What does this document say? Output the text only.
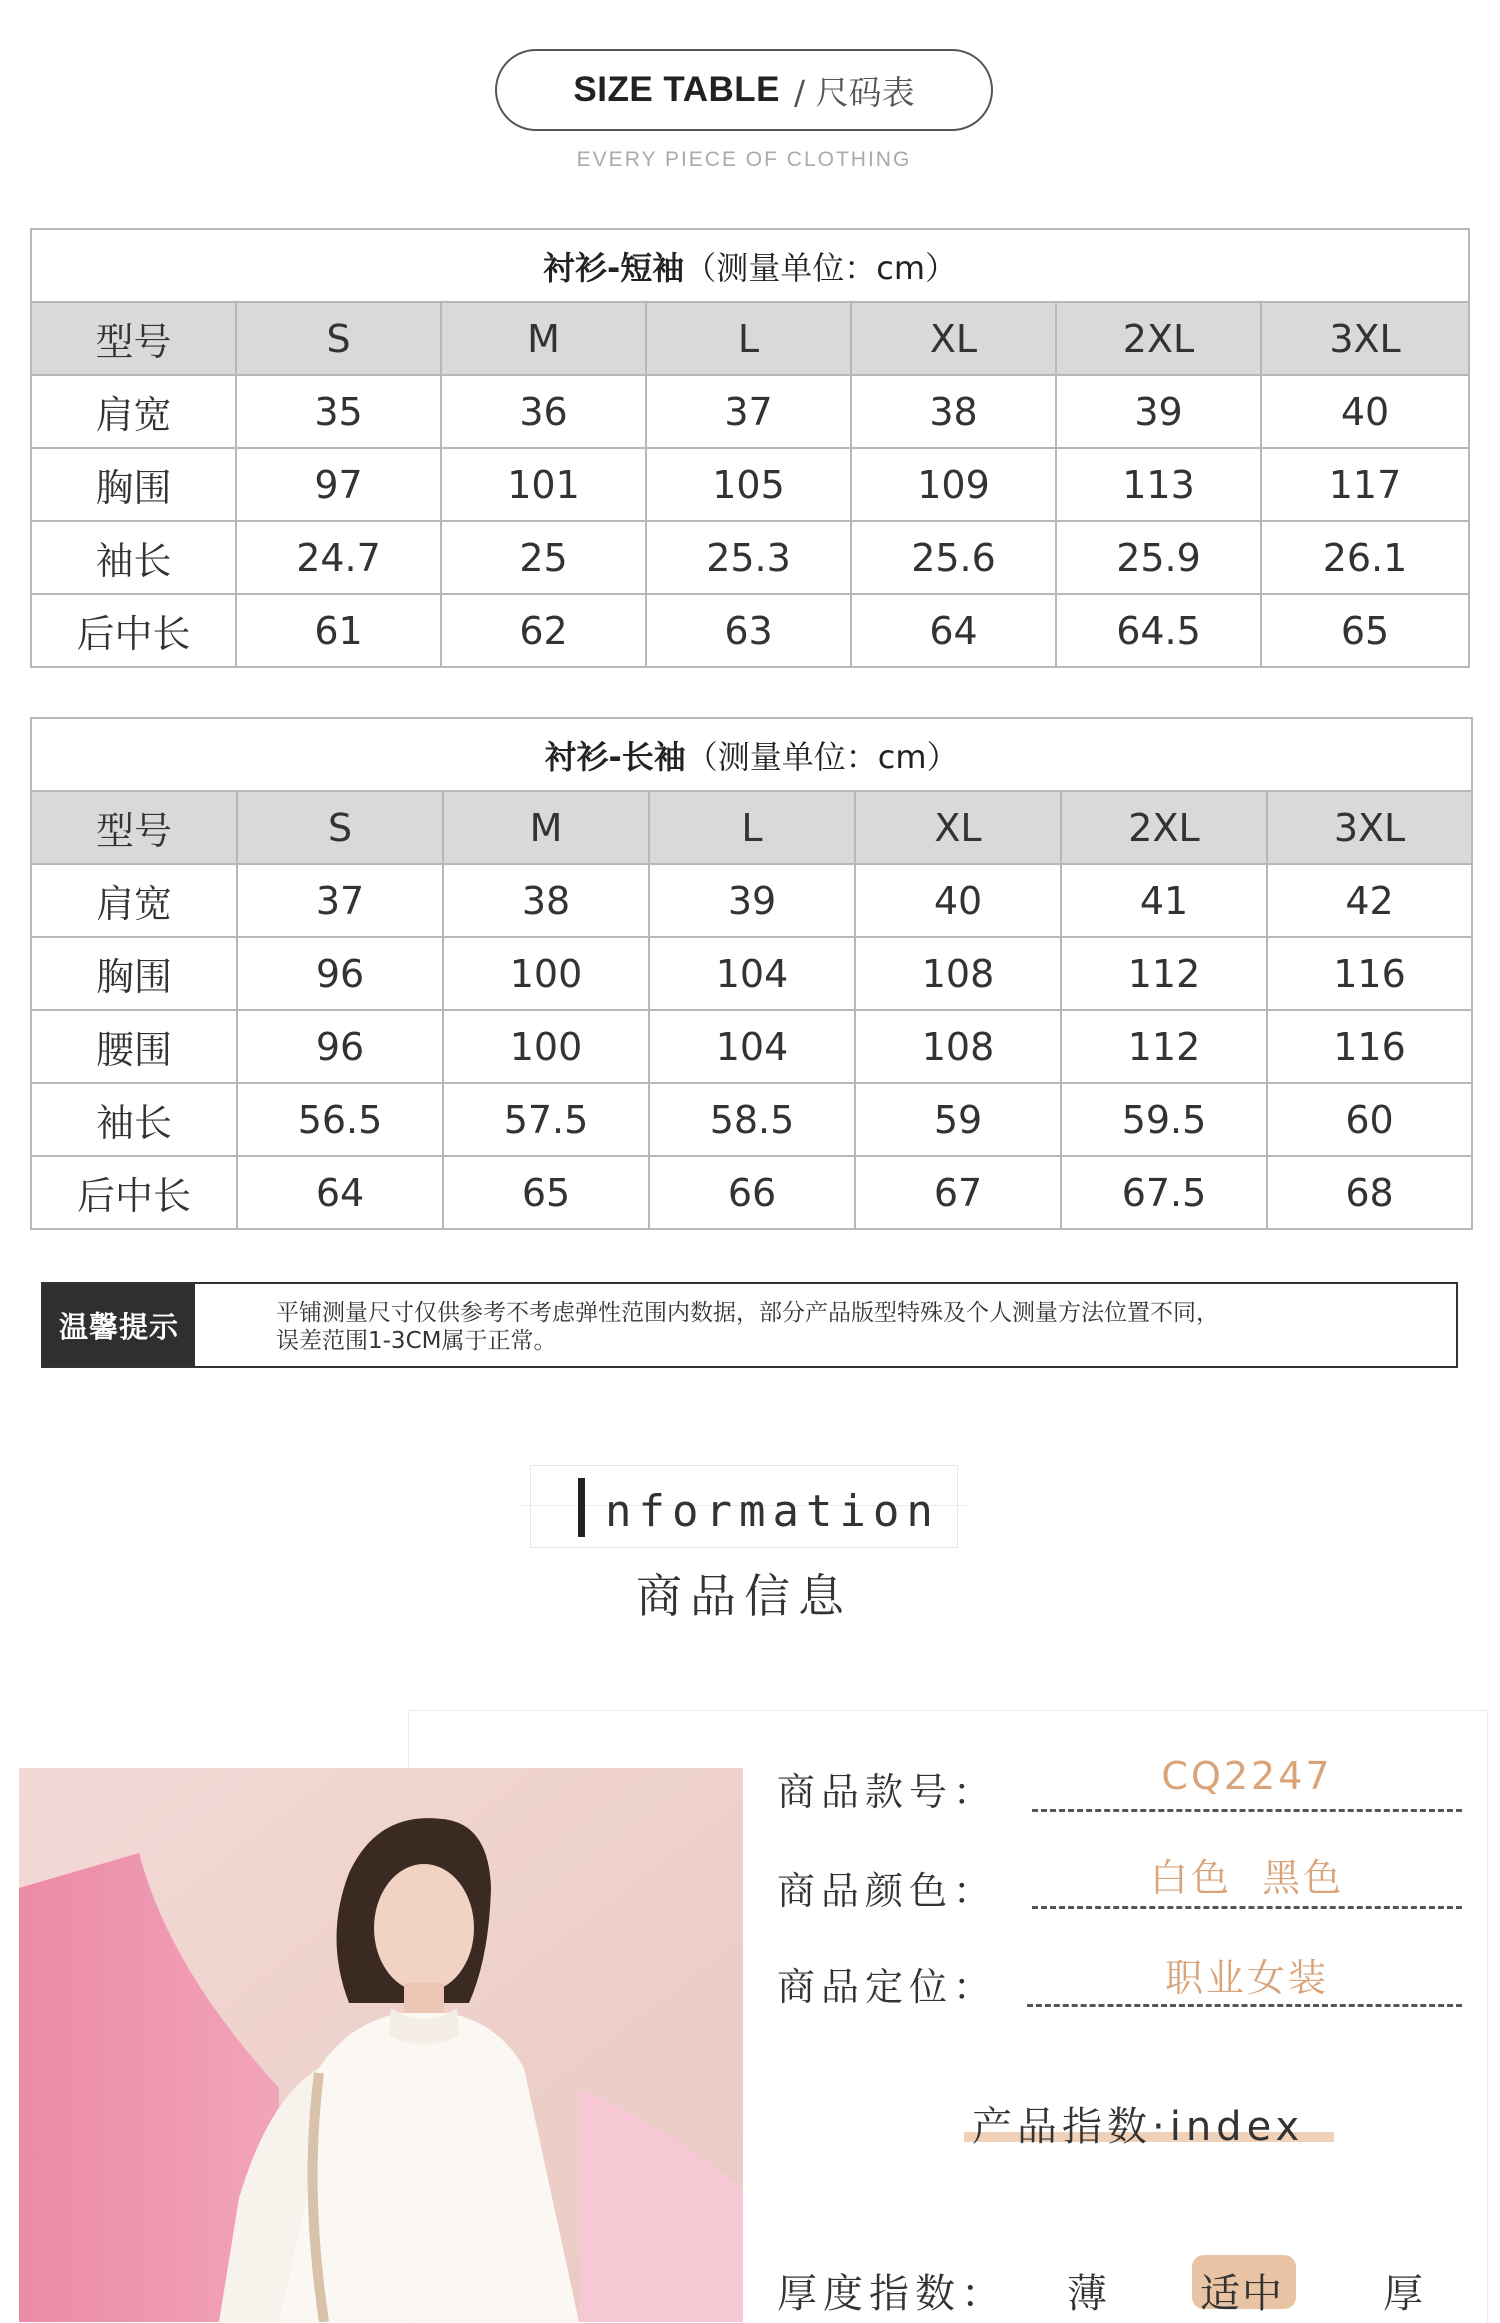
SIZE TABLE / 尺码表
EVERY PIECE OF CLOTHING
衬衫-短袖（测量单位：cm）						
型号	S	M	L	XL	2XL	3XL
肩宽	35	36	37	38	39	40
胸围	97	101	105	109	113	117
袖长	24.7	25	25.3	25.6	25.9	26.1
后中长	61	62	63	64	64.5	65
衬衫-长袖（测量单位：cm）						
型号	S	M	L	XL	2XL	3XL
肩宽	37	38	39	40	41	42
胸围	96	100	104	108	112	116
腰围	96	100	104	108	112	116
袖长	56.5	57.5	58.5	59	59.5	60
后中长	64	65	66	67	67.5	68
温馨提示	平铺测量尺寸仅供参考不考虑弹性范围内数据，部分产品版型特殊及个人测量方法位置不同，
误差范围1-3CM属于正常。
nformation
商品信息
商品款号：	CQ2247
商品颜色：	白色  黑色
商品定位：	职业女装
产品指数·index
厚度指数： 薄 适中 厚
